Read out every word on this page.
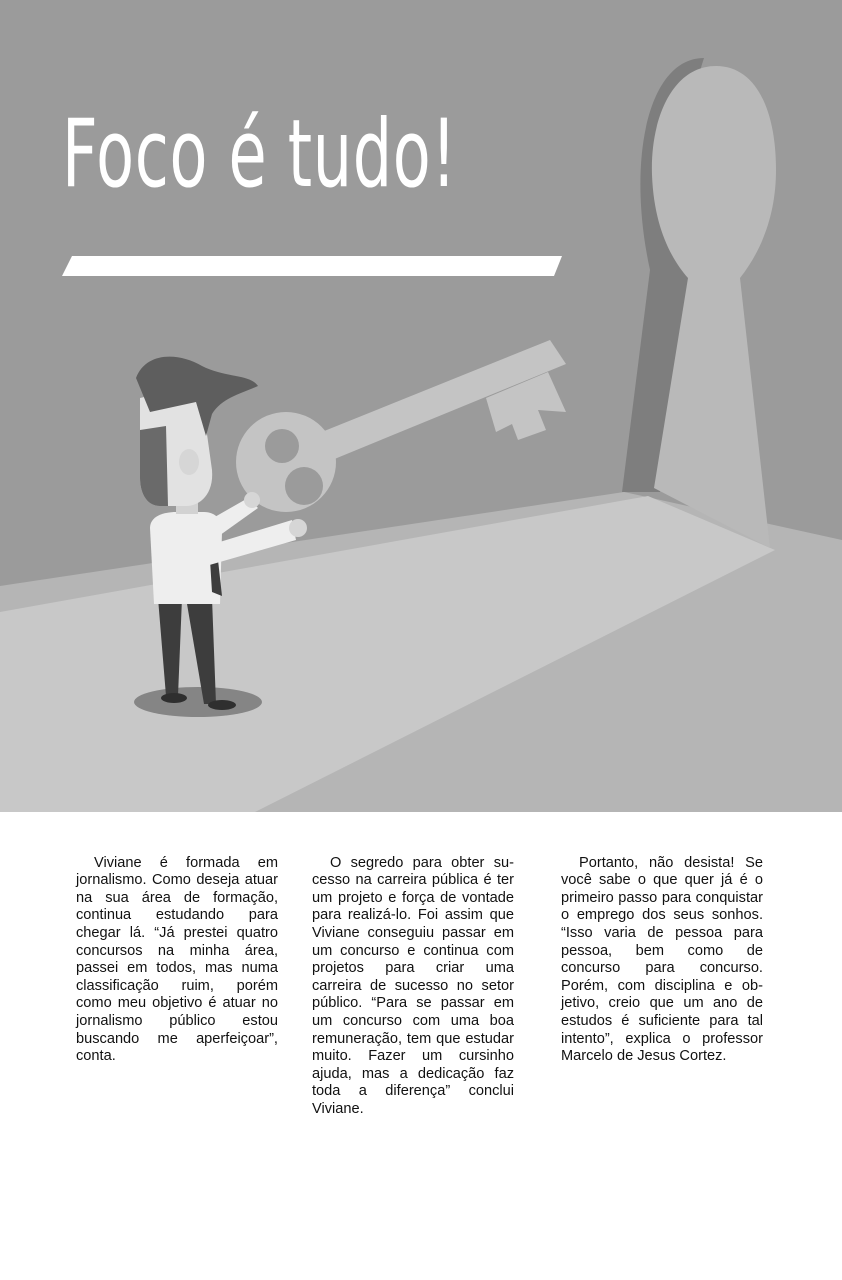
Foco é tudo!

Viviane é formada em jornalismo. Como deseja atuar na sua área de formação, continua estudando para chegar lá. “Já prestei quatro concursos na minha área, passei em todos, mas numa classificação ruim, porém como meu objetivo é atuar no jornalismo público estou buscando me aperfeiçoar”, conta.

O segredo para obter sucesso na carreira pública é ter um projeto e força de vontade para realizá-lo. Foi assim que Viviane conseguiu passar em um concurso e continua com projetos para criar uma carreira de sucesso no setor público. “Para se passar em um concurso com uma boa remuneração, tem que estudar muito. Fazer um cursinho ajuda, mas a dedicação faz toda a diferença” conclui Viviane.

Portanto, não desista! Se você sabe o que quer já é o primeiro passo para conquistar o emprego dos seus sonhos. “Isso varia de pessoa para pessoa, bem como de concurso para concurso. Porém, com disciplina e objetivo, creio que um ano de estudos é suficiente para tal intento”, explica o professor Marcelo de Jesus Cortez.
